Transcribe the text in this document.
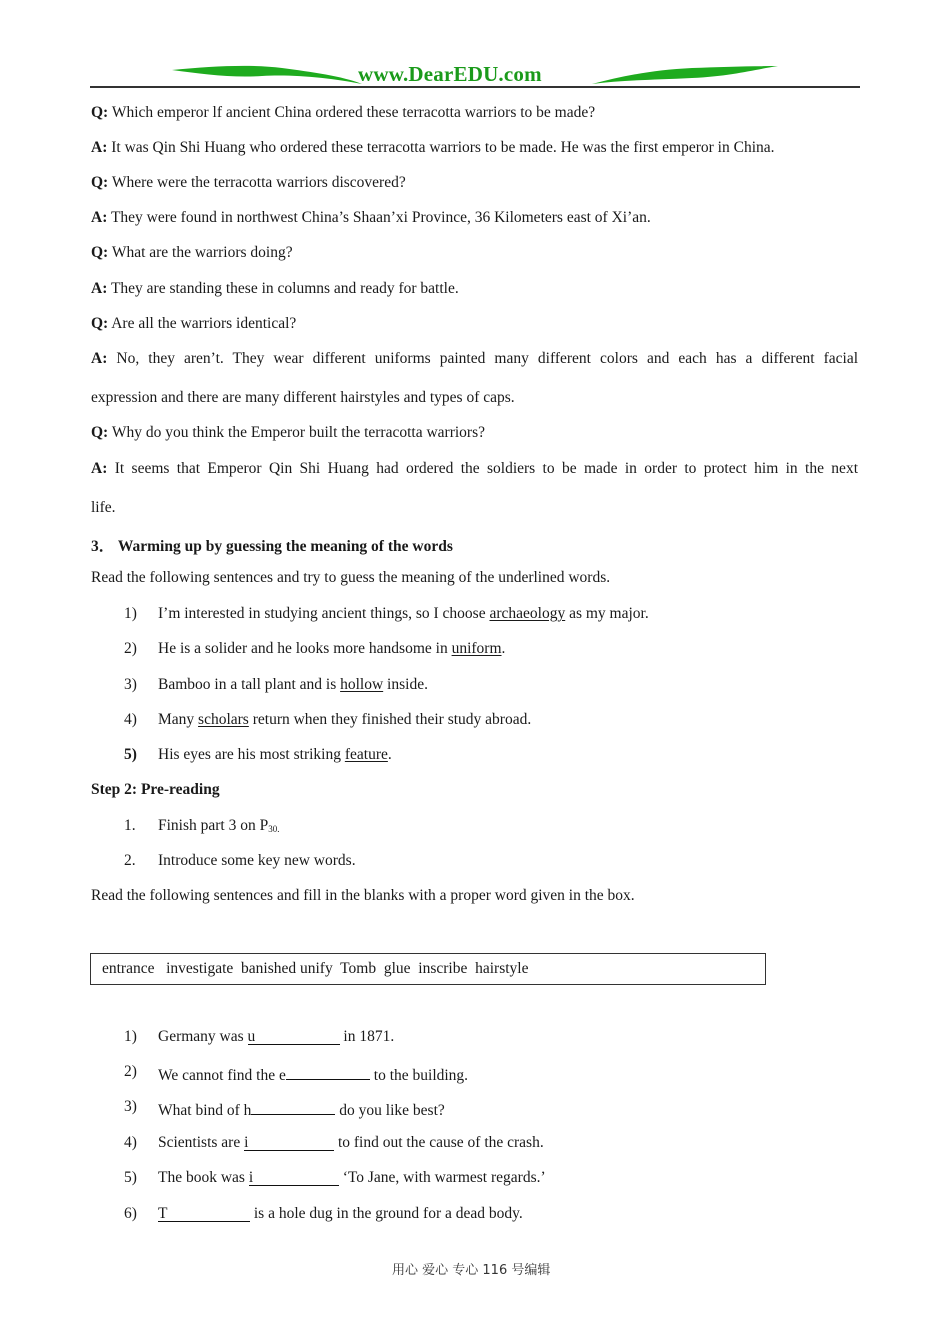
www.DearEDU.com
Q: Which emperor lf ancient China ordered these terracotta warriors to be made?
A: It was Qin Shi Huang who ordered these terracotta warriors to be made. He was the first emperor in China.
Q: Where were the terracotta warriors discovered?
A: They were found in northwest China’s Shaan’xi Province, 36 Kilometers east of Xi’an.
Q: What are the warriors doing?
A: They are standing these in columns and ready for battle.
Q: Are all the warriors identical?
A: No, they aren’t. They wear different uniforms painted many different colors and each has a different facial
expression and there are many different hairstyles and types of caps.
Q: Why do you think the Emperor built the terracotta warriors?
A: It seems that Emperor Qin Shi Huang had ordered the soldiers to be made in order to protect him in the next
life.
3． Warming up by guessing the meaning of the words
Read the following sentences and try to guess the meaning of the underlined words.
1) I’m interested in studying ancient things, so I choose archaeology as my major.
2) He is a solider and he looks more handsome in uniform.
3) Bamboo in a tall plant and is hollow inside.
4) Many scholars return when they finished their study abroad.
5) His eyes are his most striking feature.
Step 2: Pre-reading
1. Finish part 3 on $P_{30.}$
2. Introduce some key new words.
Read the following sentences and fill in the blanks with a proper word given in the box.
entrance   investigate  banished unify  Tomb  glue  inscribe  hairstyle
1) Germany was u	in 1871.
2) We cannot find the e	to the building.
3) What bind of h	do you like best?
4) Scientists are i	to find out the cause of the crash.
5) The book was i	‘To Jane, with warmest regards.’
6) T	is a hole dug in the ground for a dead body.
用心 爱心 专心 116 号编辑
